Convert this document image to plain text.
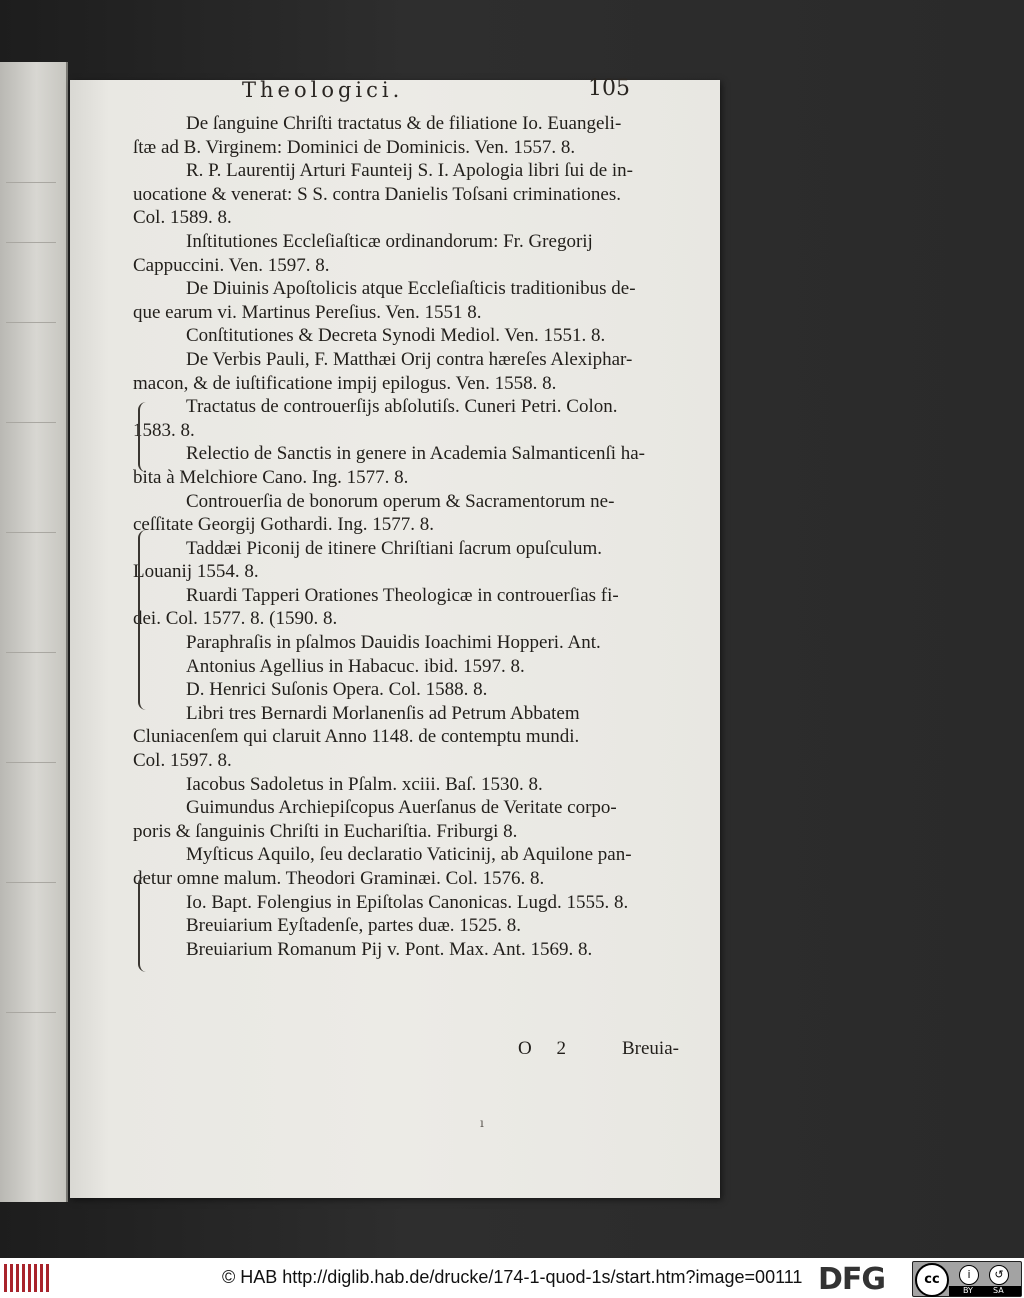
Theologici.	105
De ſanguine Chriſti tractatus & de filiatione Io. Euangeli-
ſtæ ad B. Virginem: Dominici de Dominicis. Ven. 1557. 8.
R. P. Laurentij Arturi Faunteij S. I. Apologia libri ſui de in-
uocatione & venerat: S S. contra Danielis Toſsani criminationes.
Col. 1589. 8.
Inſtitutiones Eccleſiaſticæ ordinandorum: Fr. Gregorij
Cappuccini. Ven. 1597. 8.
De Diuinis Apoſtolicis atque Eccleſiaſticis traditionibus de-
que earum vi. Martinus Pereſius. Ven. 1551 8.
Conſtitutiones & Decreta Synodi Mediol. Ven. 1551. 8.
De Verbis Pauli, F. Matthæi Orij contra hæreſes Alexiphar-
macon, & de iuſtificatione impij epilogus. Ven. 1558. 8.
Tractatus de controuerſijs abſolutiſs. Cuneri Petri. Colon.
1583. 8.
Relectio de Sanctis in genere in Academia Salmanticenſi ha-
bita à Melchiore Cano. Ing. 1577. 8.
Controuerſia de bonorum operum & Sacramentorum ne-
ceſſitate Georgij Gothardi. Ing. 1577. 8.
Taddæi Piconij de itinere Chriſtiani ſacrum opuſculum.
Louanij 1554. 8.
Ruardi Tapperi Orationes Theologicæ in controuerſias fi-
dei. Col. 1577. 8. (1590. 8.
Paraphraſis in pſalmos Dauidis Ioachimi Hopperi. Ant.
Antonius Agellius in Habacuc. ibid. 1597. 8.
D. Henrici Suſonis Opera. Col. 1588. 8.
Libri tres Bernardi Morlanenſis ad Petrum Abbatem
Cluniacenſem qui claruit Anno 1148. de contemptu mundi.
Col. 1597. 8.
Iacobus Sadoletus in Pſalm. xciii. Baſ. 1530. 8.
Guimundus Archiepiſcopus Auerſanus de Veritate corpo-
poris & ſanguinis Chriſti in Euchariſtia. Friburgi 8.
Myſticus Aquilo, ſeu declaratio Vaticinij, ab Aquilone pan-
detur omne malum. Theodori Graminæi. Col. 1576. 8.
Io. Bapt. Folengius in Epiſtolas Canonicas. Lugd. 1555. 8.
Breuiarium Eyſtadenſe, partes duæ. 1525. 8.
Breuiarium Romanum Pij v. Pont. Max. Ant. 1569. 8.
O 2 Breuia-
ı
© HAB http://diglib.hab.de/drucke/174-1-quod-1s/start.htm?image=00111 DFG	cc	i	↺
BY	SA
